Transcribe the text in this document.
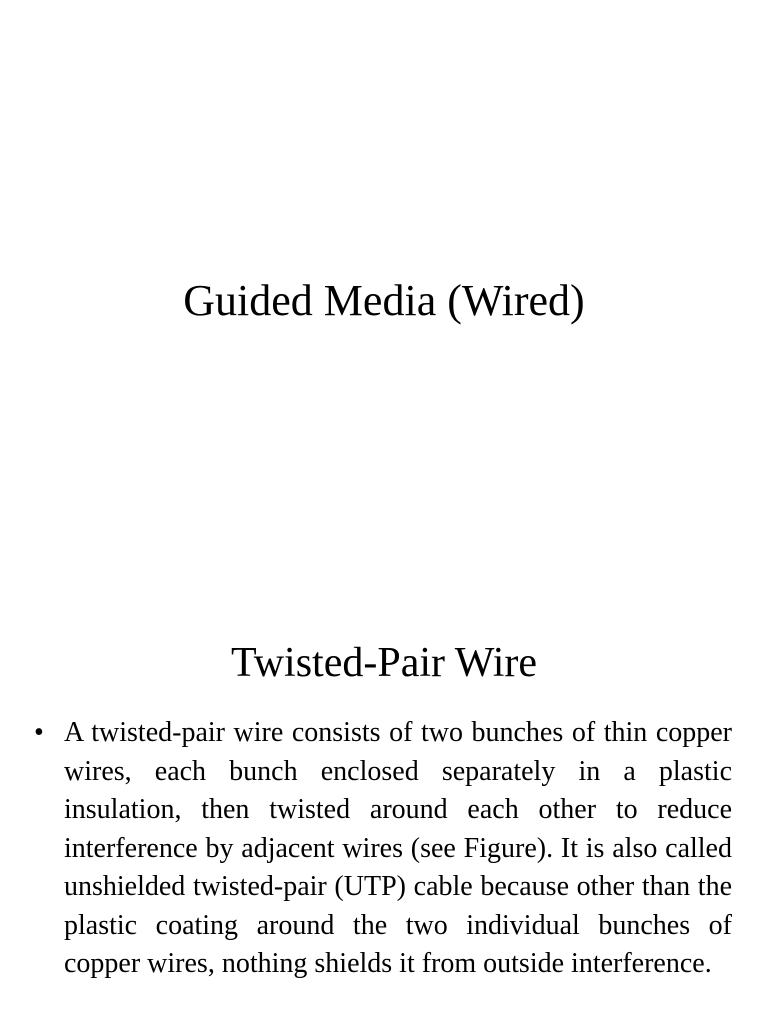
Guided Media (Wired)
Twisted-Pair Wire
• A twisted-pair wire consists of two bunches of thin copper wires, each bunch enclosed separately in a plastic insulation, then twisted around each other to reduce interference by adjacent wires (see Figure). It is also called unshielded twisted-pair (UTP) cable because other than the plastic coating around the two individual bunches of copper wires, nothing shields it from outside interference.
